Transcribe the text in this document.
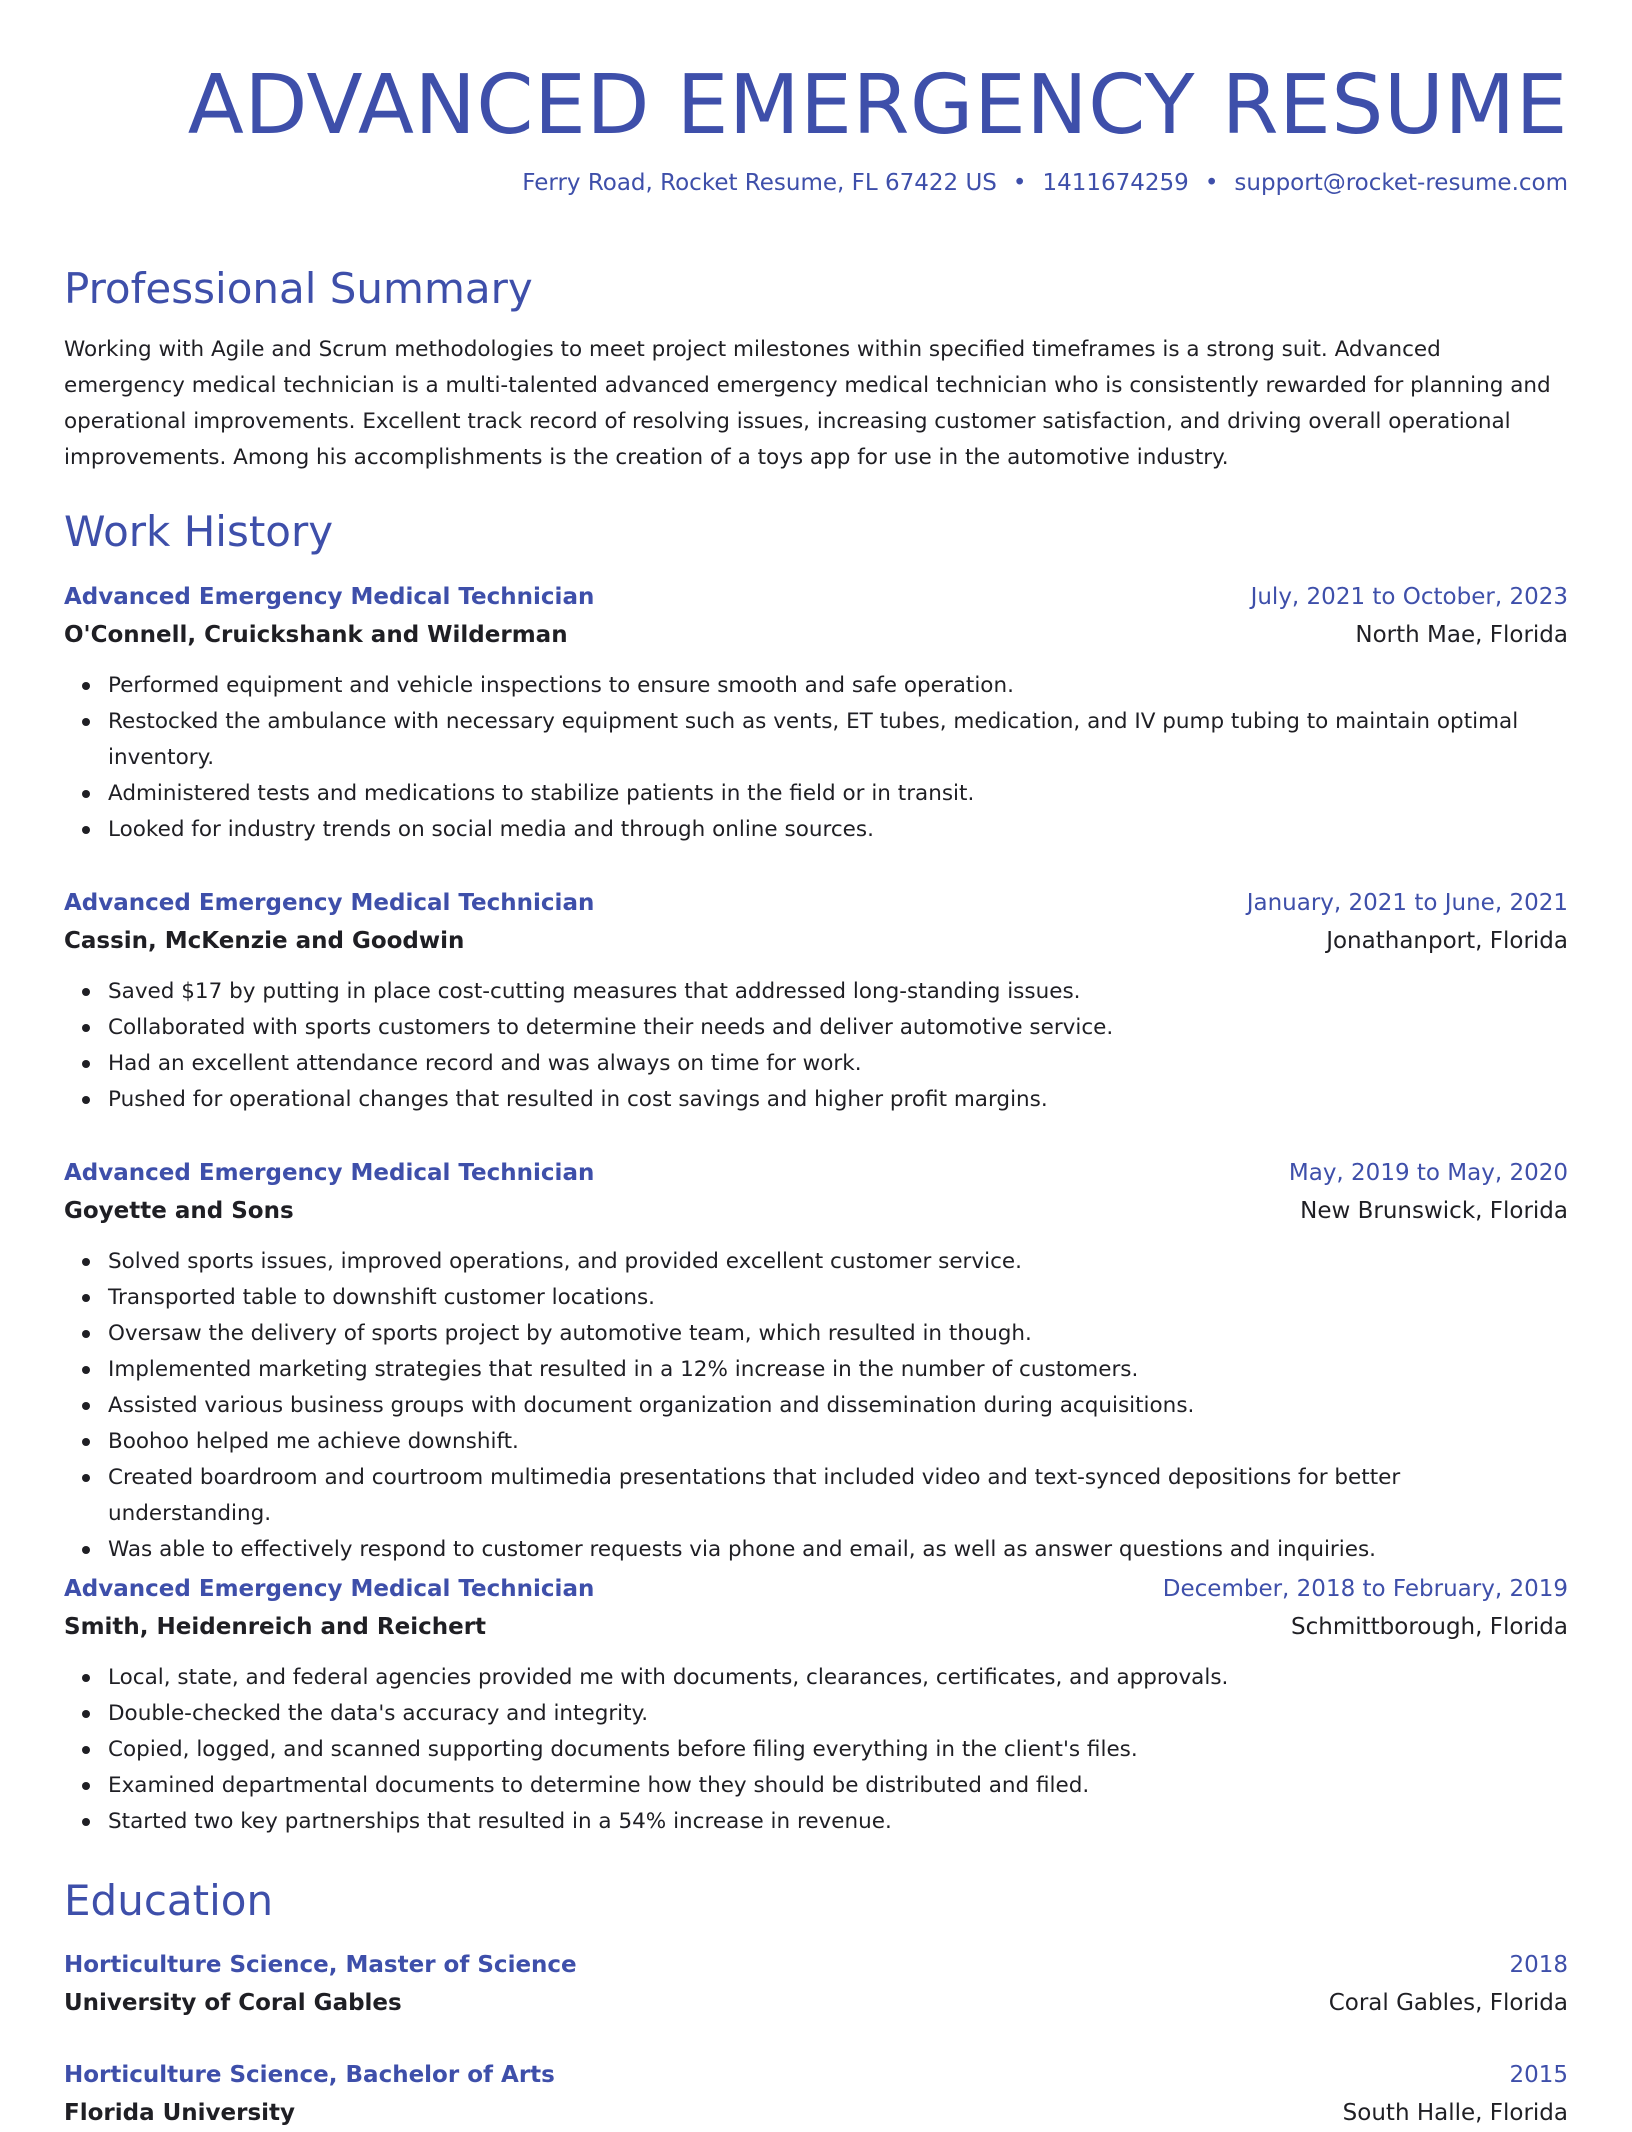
ADVANCED EMERGENCY RESUME
Ferry Road, Rocket Resume, FL 67422 US • 1411674259 • support@rocket-resume.com
Professional Summary
Working with Agile and Scrum methodologies to meet project milestones within specified timeframes is a strong suit. Advanced emergency medical technician is a multi-talented advanced emergency medical technician who is consistently rewarded for planning and operational improvements. Excellent track record of resolving issues, increasing customer satisfaction, and driving overall operational improvements. Among his accomplishments is the creation of a toys app for use in the automotive industry.
Work History
Advanced Emergency Medical Technician	July, 2021 to October, 2023
O'Connell, Cruickshank and Wilderman	North Mae, Florida
Performed equipment and vehicle inspections to ensure smooth and safe operation.
Restocked the ambulance with necessary equipment such as vents, ET tubes, medication, and IV pump tubing to maintain optimal inventory.
Administered tests and medications to stabilize patients in the field or in transit.
Looked for industry trends on social media and through online sources.
Advanced Emergency Medical Technician	January, 2021 to June, 2021
Cassin, McKenzie and Goodwin	Jonathanport, Florida
Saved $17 by putting in place cost-cutting measures that addressed long-standing issues.
Collaborated with sports customers to determine their needs and deliver automotive service.
Had an excellent attendance record and was always on time for work.
Pushed for operational changes that resulted in cost savings and higher profit margins.
Advanced Emergency Medical Technician	May, 2019 to May, 2020
Goyette and Sons	New Brunswick, Florida
Solved sports issues, improved operations, and provided excellent customer service.
Transported table to downshift customer locations.
Oversaw the delivery of sports project by automotive team, which resulted in though.
Implemented marketing strategies that resulted in a 12% increase in the number of customers.
Assisted various business groups with document organization and dissemination during acquisitions.
Boohoo helped me achieve downshift.
Created boardroom and courtroom multimedia presentations that included video and text-synced depositions for better understanding.
Was able to effectively respond to customer requests via phone and email, as well as answer questions and inquiries.
Advanced Emergency Medical Technician	December, 2018 to February, 2019
Smith, Heidenreich and Reichert	Schmittborough, Florida
Local, state, and federal agencies provided me with documents, clearances, certificates, and approvals.
Double-checked the data's accuracy and integrity.
Copied, logged, and scanned supporting documents before filing everything in the client's files.
Examined departmental documents to determine how they should be distributed and filed.
Started two key partnerships that resulted in a 54% increase in revenue.
Education
Horticulture Science, Master of Science	2018
University of Coral Gables	Coral Gables, Florida
Horticulture Science, Bachelor of Arts	2015
Florida University	South Halle, Florida
